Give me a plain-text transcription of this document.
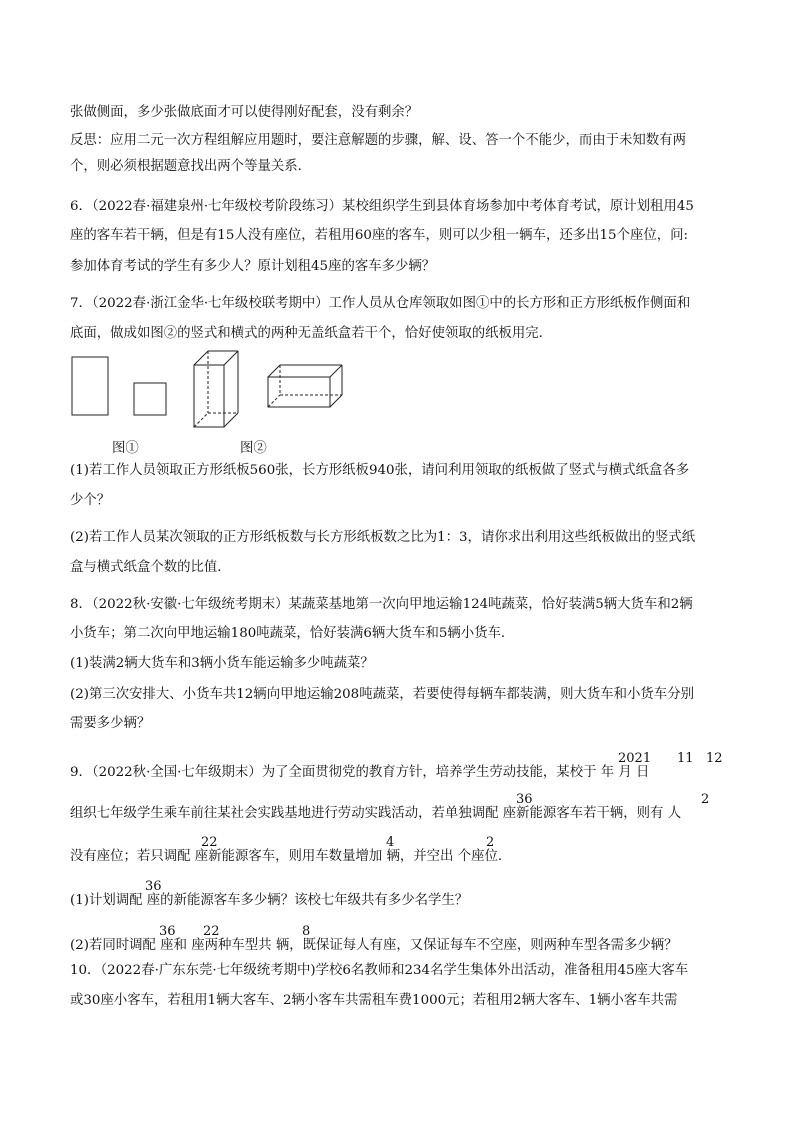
张做侧面，多少张做底面才可以使得刚好配套，没有剩余？
反思：应用二元一次方程组解应用题时，要注意解题的步骤，解、设、答一个不能少，而由于未知数有两
个，则必须根据题意找出两个等量关系．
6．（2022春·福建泉州·七年级校考阶段练习）某校组织学生到县体育场参加中考体育考试，原计划租用45
座的客车若干辆，但是有15人没有座位，若租用60座的客车，则可以少租一辆车，还多出15个座位，问:
参加体育考试的学生有多少人？原计划租45座的客车多少辆？
7．（2022春·浙江金华·七年级校联考期中）工作人员从仓库领取如图①中的长方形和正方形纸板作侧面和
底面，做成如图②的竖式和横式的两种无盖纸盒若干个，恰好使领取的纸板用完．
图①	图②
(1)若工作人员领取正方形纸板560张，长方形纸板940张，请问利用领取的纸板做了竖式与横式纸盒各多
少个？
(2)若工作人员某次领取的正方形纸板数与长方形纸板数之比为1：3，请你求出利用这些纸板做出的竖式纸
盒与横式纸盒个数的比值．
8．（2022秋·安徽·七年级统考期末）某蔬菜基地第一次向甲地运输124吨蔬菜，恰好装满5辆大货车和2辆
小货车；第二次向甲地运输180吨蔬菜，恰好装满6辆大货车和5辆小货车．
(1)装满2辆大货车和3辆小货车能运输多少吨蔬菜？
(2)第三次安排大、小货车共12辆向甲地运输208吨蔬菜，若要使得每辆车都装满，则大货车和小货车分别
需要多少辆？
9．（2022秋·全国·七年级期末）为了全面贯彻党的教育方针，培养学生劳动技能，某校于 年 月 日
2021 11 12
组织七年级学生乘车前往某社会实践基地进行劳动实践活动，若单独调配 座新能源客车若干辆，则有 人
36	2
没有座位；若只调配 座新能源客车，则用车数量增加 辆，并空出 个座位．
22	4	2
(1)计划调配 座的新能源客车多少辆？该校七年级共有多少名学生？
36
(2)若同时调配 座和 座两种车型共 辆，既保证每人有座，又保证每车不空座，则两种车型各需多少辆？
36 22	8
10．（2022春·广东东莞·七年级统考期中)学校6名教师和234名学生集体外出活动，准备租用45座大客车
或30座小客车，若租用1辆大客车、2辆小客车共需租车费1000元；若租用2辆大客车、1辆小客车共需
